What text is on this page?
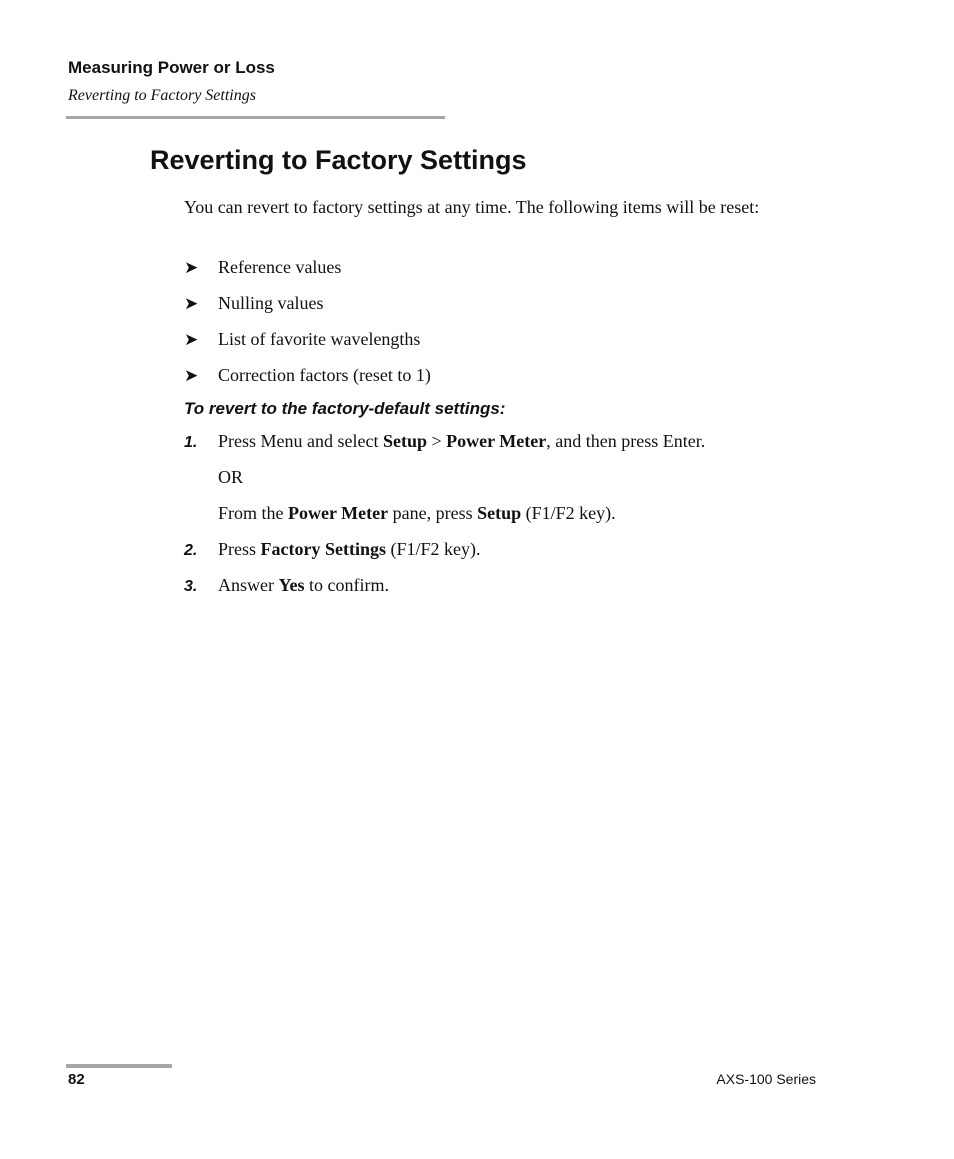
Measuring Power or Loss
Reverting to Factory Settings
Reverting to Factory Settings

You can revert to factory settings at any time. The following items will be reset:

➤ Reference values
➤ Nulling values
➤ List of favorite wavelengths
➤ Correction factors (reset to 1)
To revert to the factory-default settings:
1. Press Menu and select Setup > Power Meter, and then press Enter.
OR
From the Power Meter pane, press Setup (F1/F2 key).
2. Press Factory Settings (F1/F2 key).
3. Answer Yes to confirm.
82	AXS-100 Series
